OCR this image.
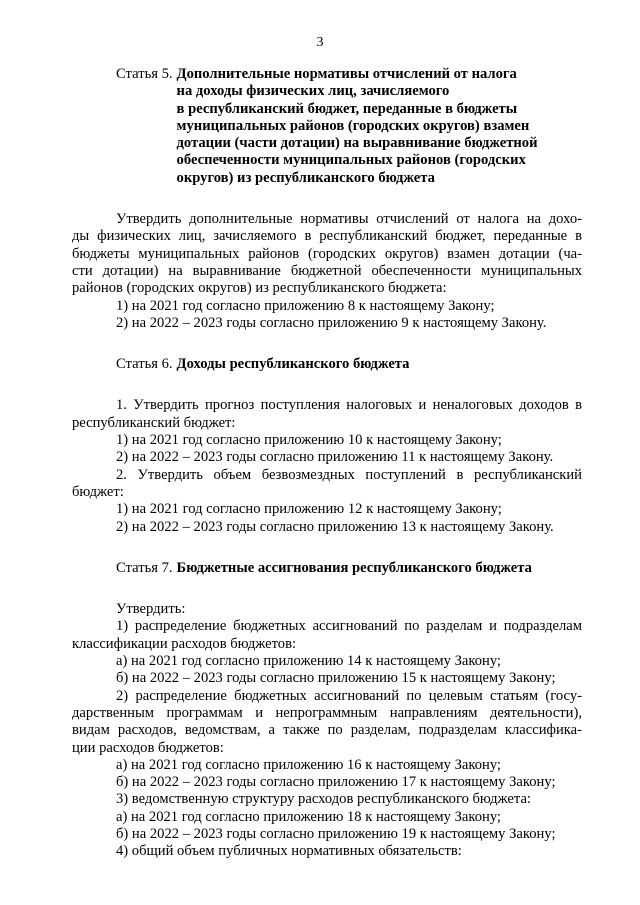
3
Статья 5. Дополнительные нормативы отчислений от налога
на доходы физических лиц, зачисляемого
в республиканский бюджет, переданные в бюджеты
муниципальных районов (городских округов) взамен
дотации (части дотации) на выравнивание бюджетной
обеспеченности муниципальных районов (городских
округов) из республиканского бюджета

Утвердить дополнительные нормативы отчислений от налога на дохо-

ды физических лиц, зачисляемого в республиканский бюджет, переданные в

бюджеты муниципальных районов (городских округов) взамен дотации (ча-

сти дотации) на выравнивание бюджетной обеспеченности муниципальных

районов (городских округов) из республиканского бюджета:

1) на 2021 год согласно приложению 8 к настоящему Закону;

2) на 2022 – 2023 годы согласно приложению 9 к настоящему Закону.

Статья 6. Доходы республиканского бюджета

1. Утвердить прогноз поступления налоговых и неналоговых доходов в

республиканский бюджет:

1) на 2021 год согласно приложению 10 к настоящему Закону;

2) на 2022 – 2023 годы согласно приложению 11 к настоящему Закону.

2. Утвердить объем безвозмездных поступлений в республиканский

бюджет:

1) на 2021 год согласно приложению 12 к настоящему Закону;

2) на 2022 – 2023 годы согласно приложению 13 к настоящему Закону.

Статья 7. Бюджетные ассигнования республиканского бюджета

Утвердить:

1) распределение бюджетных ассигнований по разделам и подразделам

классификации расходов бюджетов:

а) на 2021 год согласно приложению 14 к настоящему Закону;

б) на 2022 – 2023 годы согласно приложению 15 к настоящему Закону;

2) распределение бюджетных ассигнований по целевым статьям (госу-

дарственным программам и непрограммным направлениям деятельности),

видам расходов, ведомствам, а также по разделам, подразделам классифика-

ции расходов бюджетов:

а) на 2021 год согласно приложению 16 к настоящему Закону;

б) на 2022 – 2023 годы согласно приложению 17 к настоящему Закону;

3) ведомственную структуру расходов республиканского бюджета:

а) на 2021 год согласно приложению 18 к настоящему Закону;

б) на 2022 – 2023 годы согласно приложению 19 к настоящему Закону;

4) общий объем публичных нормативных обязательств:
